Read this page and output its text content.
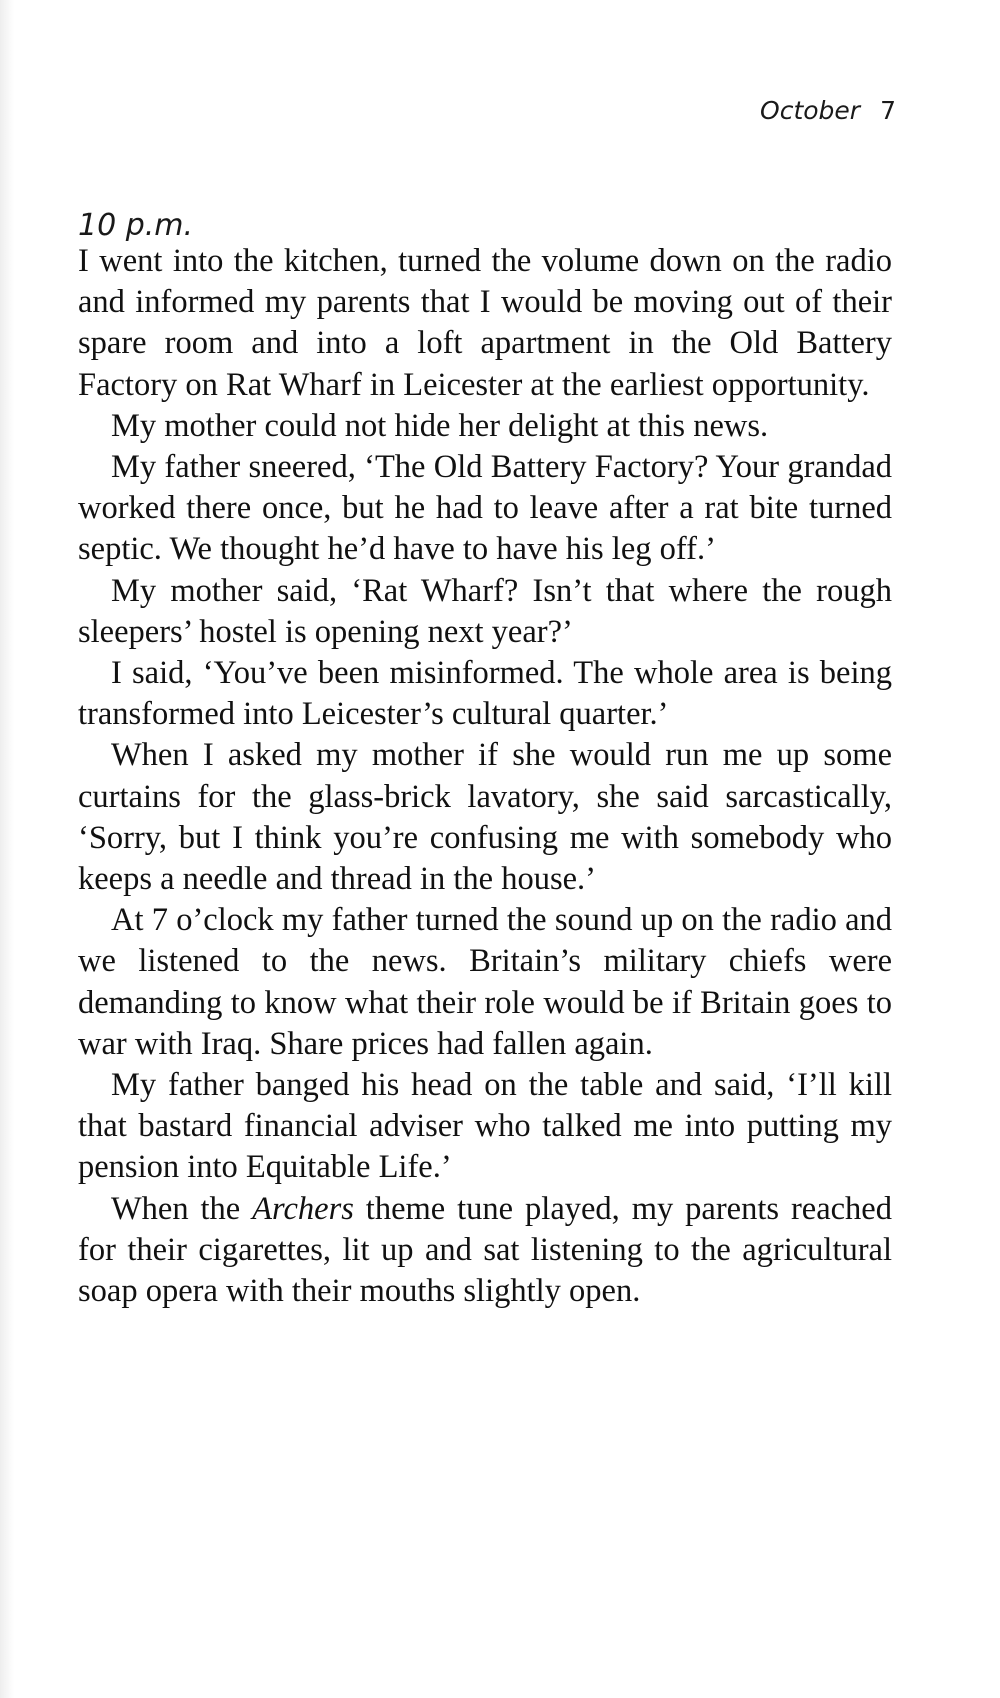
October 7
10 p.m.

I went into the kitchen, turned the volume down on the radio and informed my parents that I would be moving out of their spare room and into a loft apartment in the Old Battery Factory on Rat Wharf in Leicester at the earliest opportunity.

My mother could not hide her delight at this news.

My father sneered, ‘The Old Battery Factory? Your grandad worked there once, but he had to leave after a rat bite turned septic. We thought he’d have to have his leg off.’

My mother said, ‘Rat Wharf? Isn’t that where the rough sleepers’ hostel is opening next year?’

I said, ‘You’ve been misinformed. The whole area is being transformed into Leicester’s cultural quarter.’

When I asked my mother if she would run me up some curtains for the glass-brick lavatory, she said sarcastically, ‘Sorry, but I think you’re confusing me with somebody who keeps a needle and thread in the house.’

At 7 o’clock my father turned the sound up on the radio and we listened to the news. Britain’s military chiefs were demanding to know what their role would be if Britain goes to war with Iraq. Share prices had fallen again.

My father banged his head on the table and said, ‘I’ll kill that bastard financial adviser who talked me into putting my pension into Equitable Life.’

When the Archers theme tune played, my parents reached for their cigarettes, lit up and sat listening to the agricultural soap opera with their mouths slightly open.
